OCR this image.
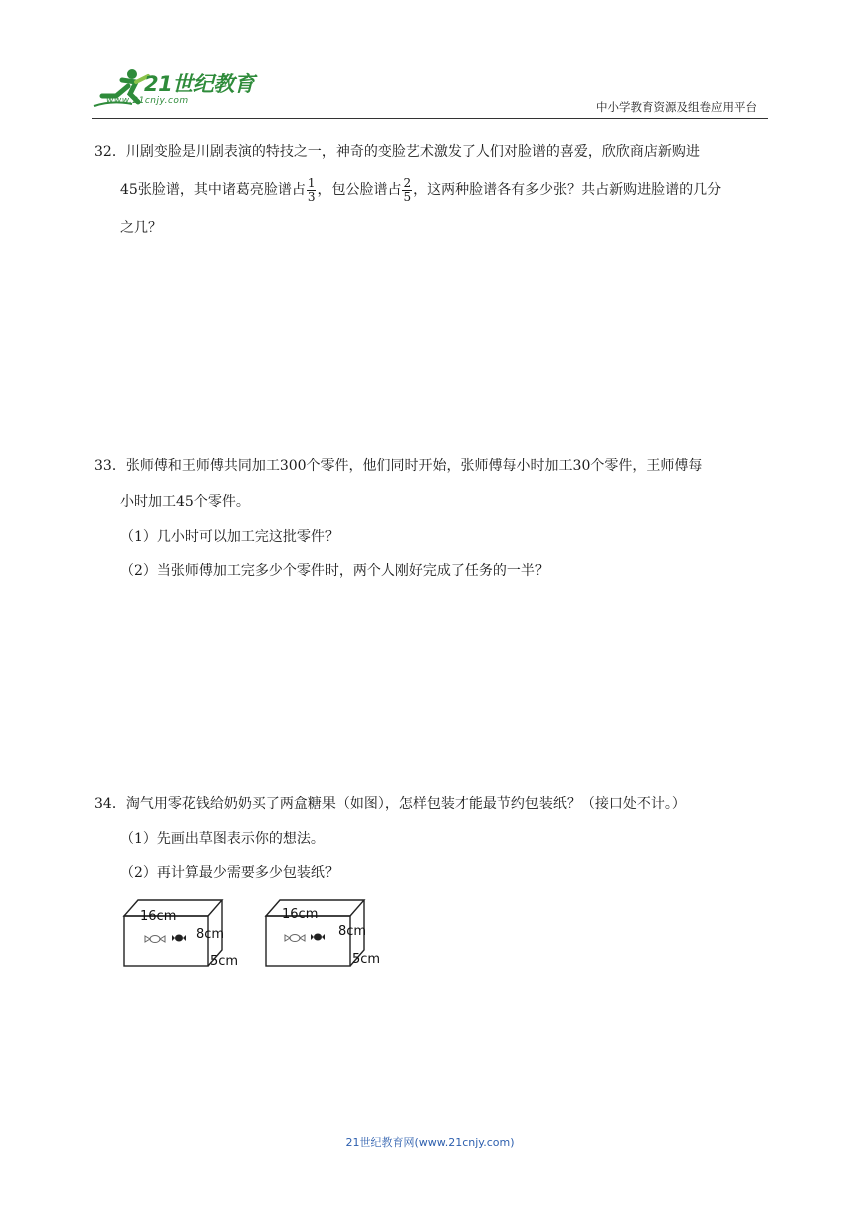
21世纪教育
www.21cnjy.com	中小学教育资源及组卷应用平台
32．川剧变脸是川剧表演的特技之一，神奇的变脸艺术激发了人们对脸谱的喜爱，欣欣商店新购进
45张脸谱，其中诸葛亮脸谱占 $\frac{1}{3}$ ，包公脸谱占 $\frac{2}{5}$ ，这两种脸谱各有多少张？共占新购进脸谱的几分
之几？
33．张师傅和王师傅共同加工300个零件，他们同时开始，张师傅每小时加工30个零件，王师傅每
小时加工45个零件。
（1）几小时可以加工完这批零件？
（2）当张师傅加工完多少个零件时，两个人刚好完成了任务的一半？
34．淘气用零花钱给奶奶买了两盒糖果（如图），怎样包装才能最节约包装纸？（接口处不计。）
（1）先画出草图表示你的想法。
（2）再计算最少需要多少包装纸？
16cm
8cm
5cm
16cm
8cm
5cm
21世纪教育网(www.21cnjy.com)
